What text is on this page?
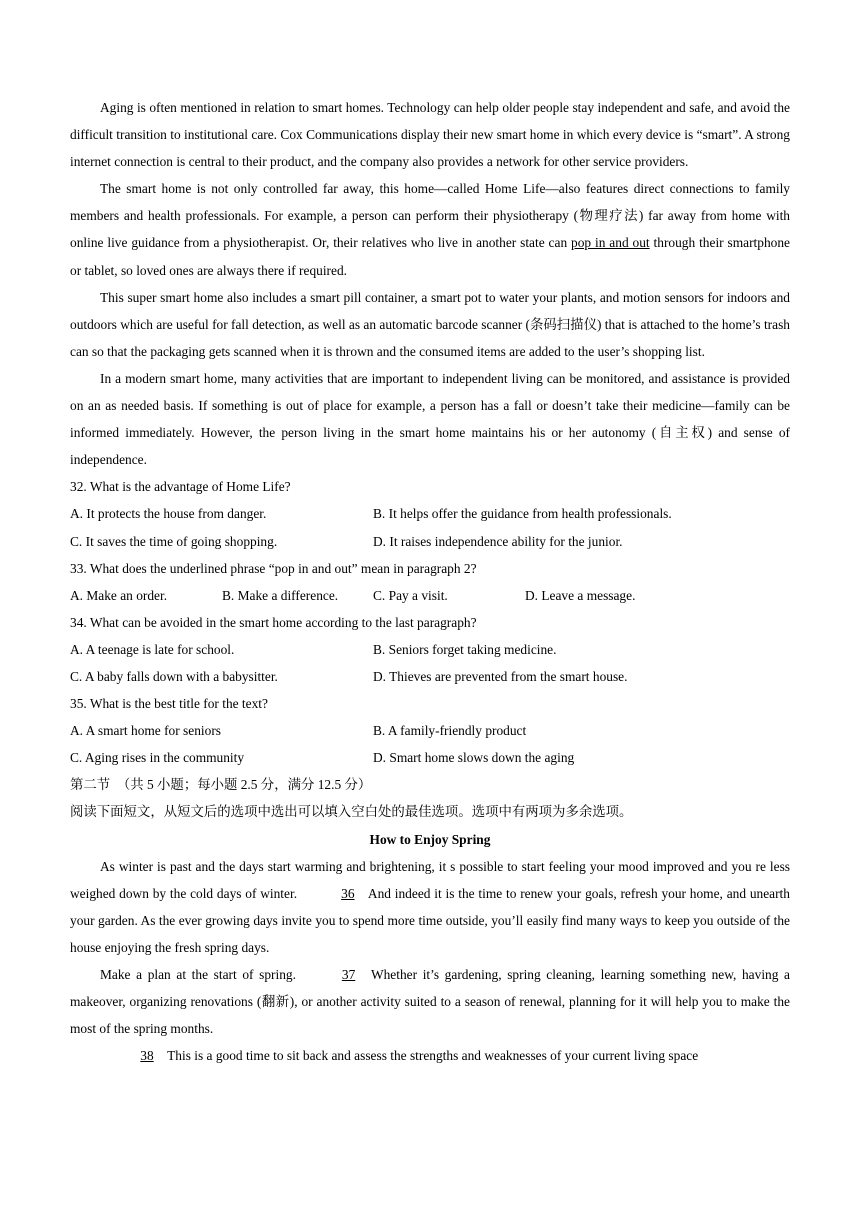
Aging is often mentioned in relation to smart homes. Technology can help older people stay independent and safe, and avoid the difficult transition to institutional care. Cox Communications display their new smart home in which every device is “smart”. A strong internet connection is central to their product, and the company also provides a network for other service providers.

The smart home is not only controlled far away, this home—called Home Life—also features direct connections to family members and health professionals. For example, a person can perform their physiotherapy (物理疗法) far away from home with online live guidance from a physiotherapist. Or, their relatives who live in another state can pop in and out through their smartphone or tablet, so loved ones are always there if required.

This super smart home also includes a smart pill container, a smart pot to water your plants, and motion sensors for indoors and outdoors which are useful for fall detection, as well as an automatic barcode scanner (条码扫描仪) that is attached to the home’s trash can so that the packaging gets scanned when it is thrown and the consumed items are added to the user’s shopping list.

In a modern smart home, many activities that are important to independent living can be monitored, and assistance is provided on an as needed basis. If something is out of place for example, a person has a fall or doesn’t take their medicine—family can be informed immediately. However, the person living in the smart home maintains his or her autonomy (自主权) and sense of independence.

32. What is the advantage of Home Life?

A. It protects the house from danger.	B. It helps offer the guidance from health professionals.
C. It saves the time of going shopping.	D. It raises independence ability for the junior.

33. What does the underlined phrase “pop in and out” mean in paragraph 2?

A. Make an order.	B. Make a difference.	C. Pay a visit.	D. Leave a message.

34. What can be avoided in the smart home according to the last paragraph?

A. A teenage is late for school.	B. Seniors forget taking medicine.
C. A baby falls down with a babysitter.	D. Thieves are prevented from the smart house.

35. What is the best title for the text?

A. A smart home for seniors	B. A family-friendly product
C. Aging rises in the community	D. Smart home slows down the aging

第二节　（共 5 小题；每小题 2.5 分，满分 12.5 分）

阅读下面短文，从短文后的选项中选出可以填入空白处的最佳选项。选项中有两项为多余选项。

How to Enjoy Spring

As winter is past and the days start warming and brightening, it s possible to start feeling your mood improved and you re less weighed down by the cold days of winter.	36 And indeed it is the time to renew your goals, refresh your home, and unearth your garden. As the ever growing days invite you to spend more time outside, you’ll easily find many ways to keep you outside of the house enjoying the fresh spring days.

Make a plan at the start of spring.	37 Whether it’s gardening, spring cleaning, learning something new, having a makeover, organizing renovations (翻新), or another activity suited to a season of renewal, planning for it will help you to make the most of the spring months.

38 This is a good time to sit back and assess the strengths and weaknesses of your current living space
